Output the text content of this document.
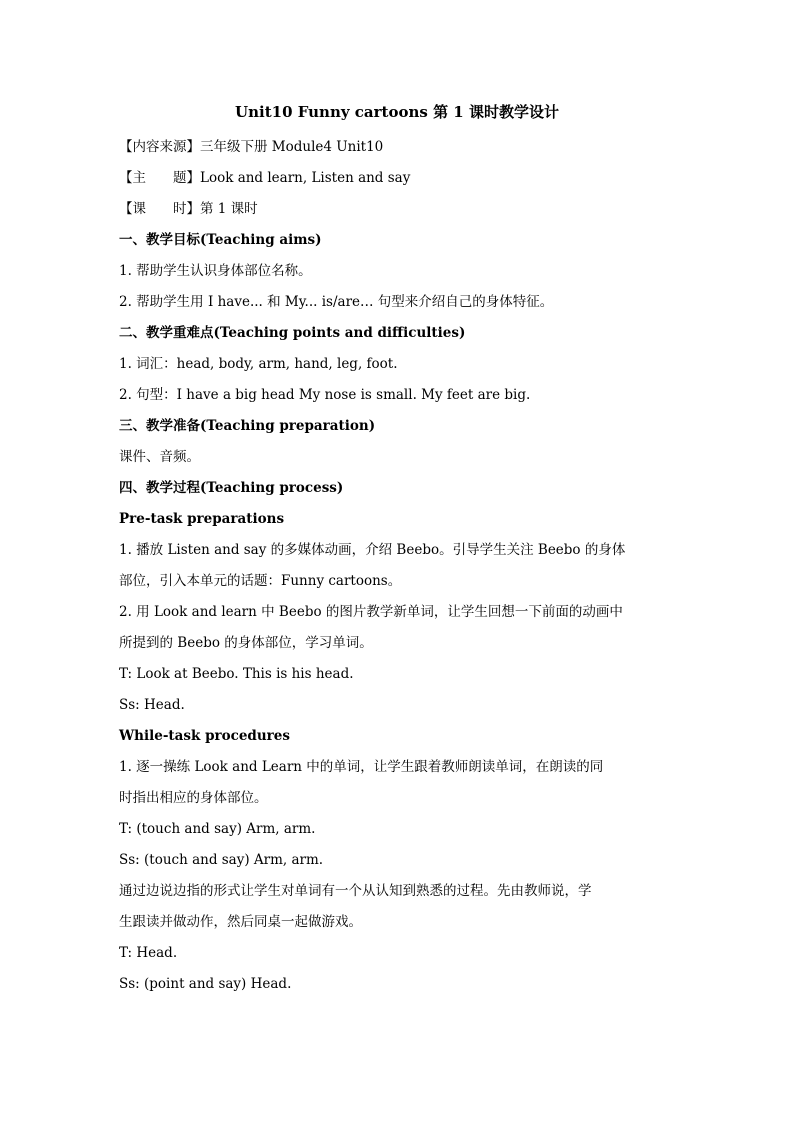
Unit10 Funny cartoons 第 1 课时教学设计
【内容来源】三年级下册 Module4 Unit10
【主　　题】Look and learn, Listen and say
【课　　时】第 1 课时
一、教学目标(Teaching aims)
1. 帮助学生认识身体部位名称。
2. 帮助学生用 I have... 和 My... is/are… 句型来介绍自己的身体特征。
二、教学重难点(Teaching points and difficulties)
1. 词汇：head, body, arm, hand, leg, foot.
2. 句型：I have a big head My nose is small. My feet are big.
三、教学准备(Teaching preparation)
课件、音频。
四、教学过程(Teaching process)
Pre-task preparations
1. 播放 Listen and say 的多媒体动画，介绍 Beebo。引导学生关注 Beebo 的身体
部位，引入本单元的话题：Funny cartoons。
2. 用 Look and learn 中 Beebo 的图片教学新单词，让学生回想一下前面的动画中
所提到的 Beebo 的身体部位，学习单词。
T: Look at Beebo. This is his head.
Ss: Head.
While-task procedures
1. 逐一操练 Look and Learn 中的单词，让学生跟着教师朗读单词，在朗读的同
时指出相应的身体部位。
T: (touch and say) Arm, arm.
Ss: (touch and say) Arm, arm.
通过边说边指的形式让学生对单词有一个从认知到熟悉的过程。先由教师说，学
生跟读并做动作，然后同桌一起做游戏。
T: Head.
Ss: (point and say) Head.
